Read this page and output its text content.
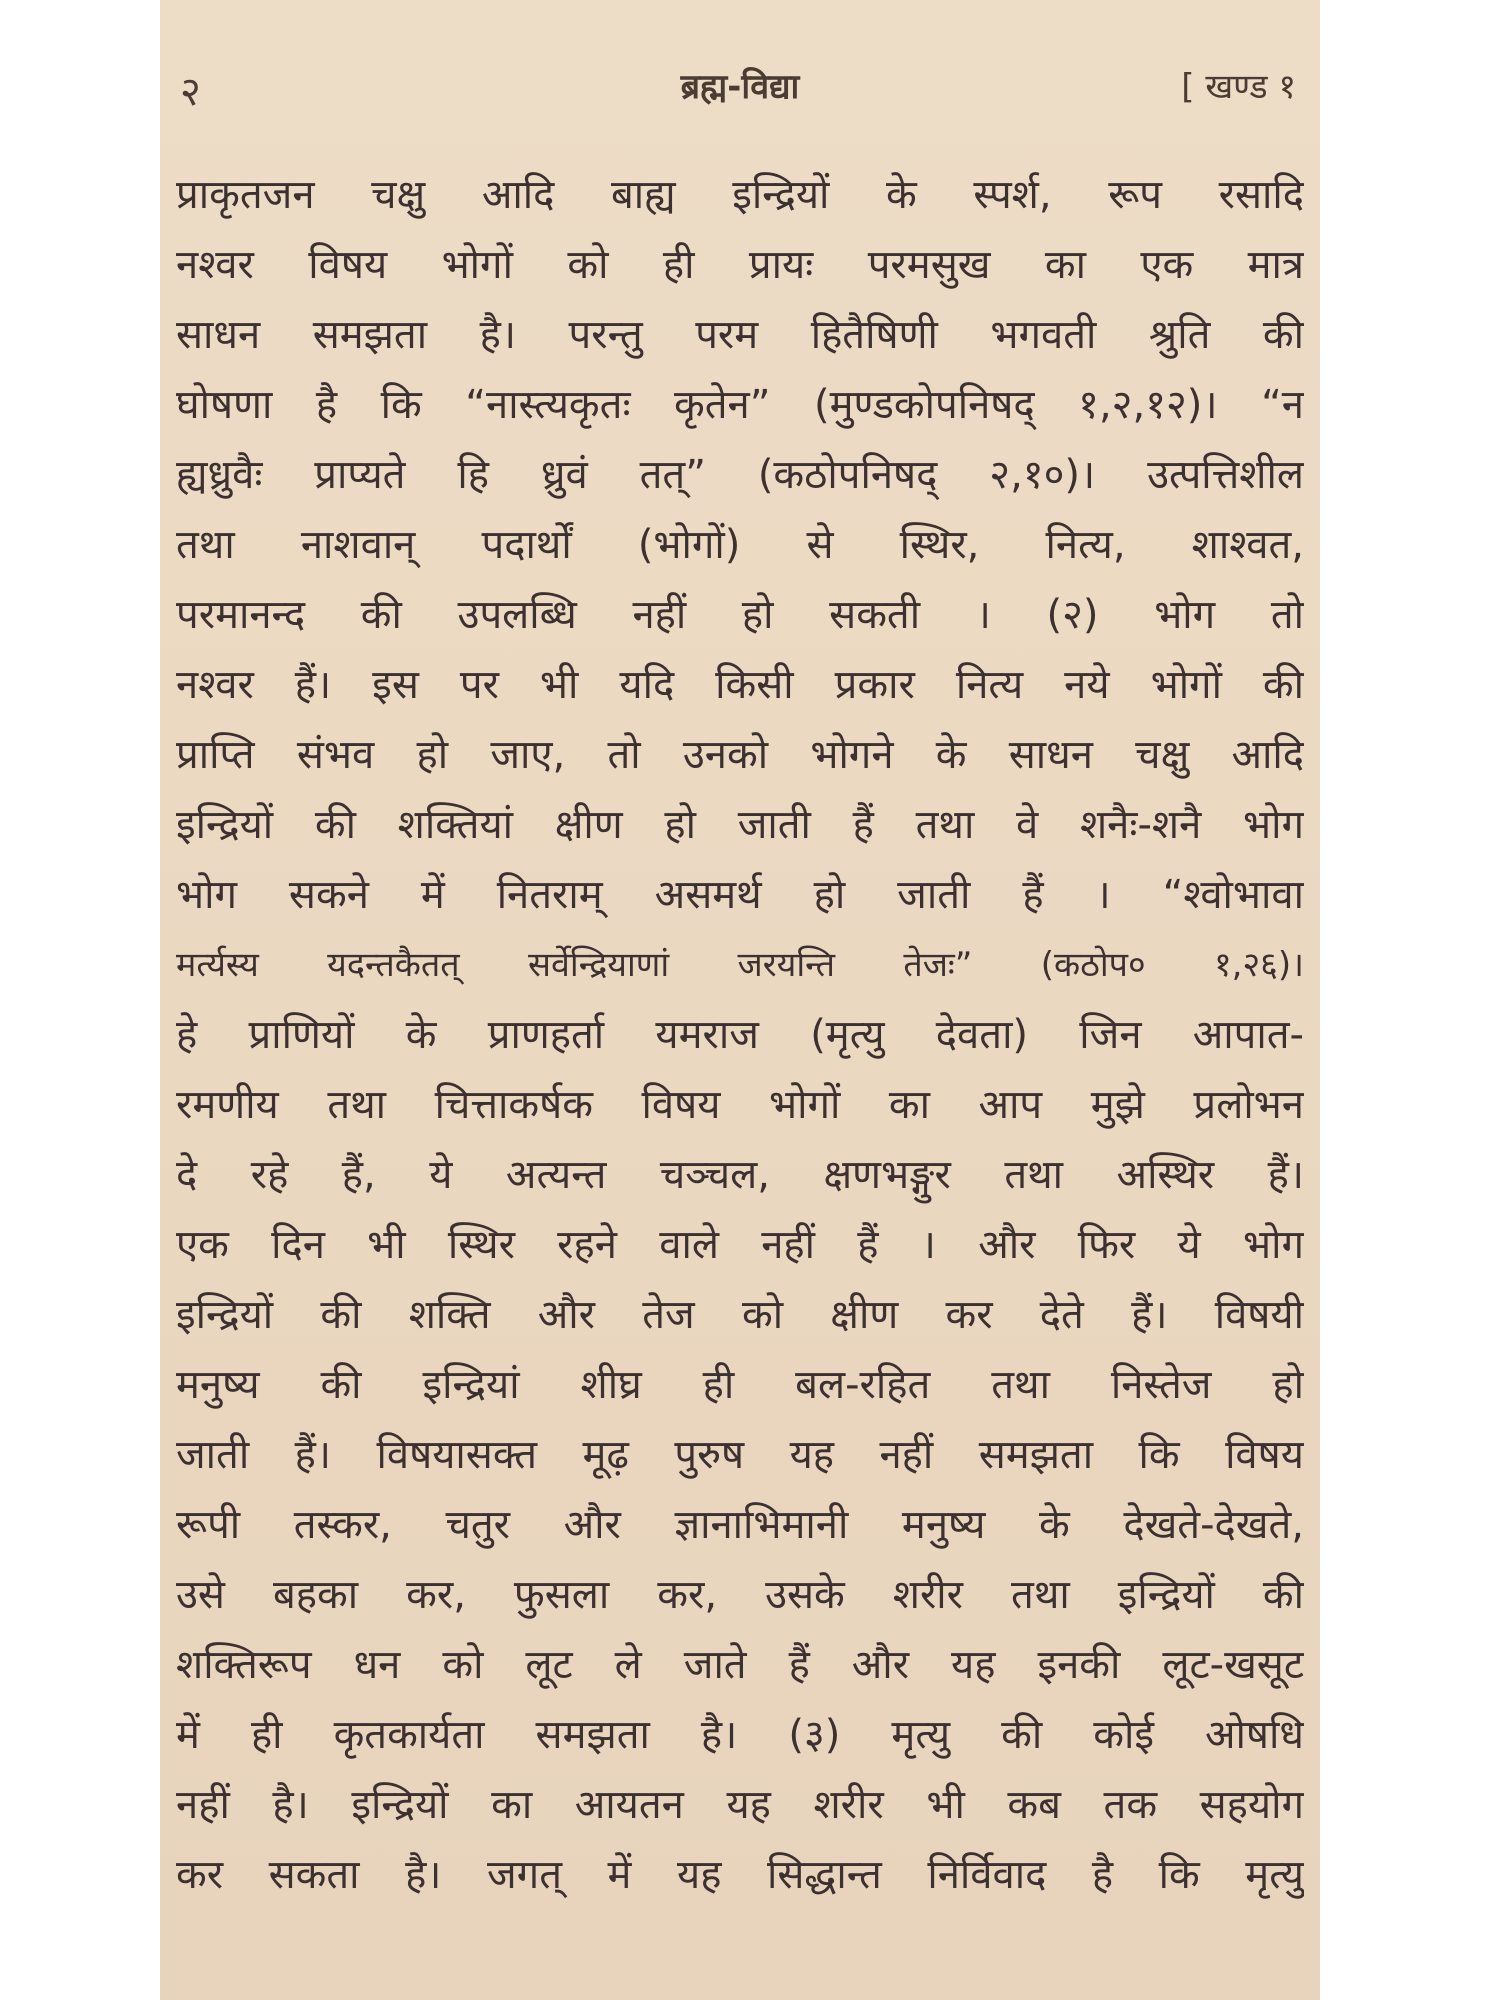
२	ब्रह्म-विद्या	[ खण्ड १
प्राकृतजन चक्षु आदि बाह्य इन्द्रियों के स्पर्श, रूप रसादि
नश्वर विषय भोगों को ही प्रायः परमसुख का एक मात्र
साधन समझता है। परन्तु परम हितैषिणी भगवती श्रुति की
घोषणा है कि “नास्त्यकृतः कृतेन” (मुण्डकोपनिषद् १,२,१२)। “न
ह्यध्रुवैः प्राप्यते हि ध्रुवं तत्” (कठोपनिषद् २,१०)। उत्पत्तिशील
तथा नाशवान् पदार्थों (भोगों) से स्थिर, नित्य, शाश्वत,
परमानन्द की उपलब्धि नहीं हो सकती । (२) भोग तो
नश्वर हैं। इस पर भी यदि किसी प्रकार नित्य नये भोगों की
प्राप्ति संभव हो जाए, तो उनको भोगने के साधन चक्षु आदि
इन्द्रियों की शक्तियां क्षीण हो जाती हैं तथा वे शनैः-शनै भोग
भोग सकने में नितराम् असमर्थ हो जाती हैं । “श्वोभावा
मर्त्यस्य यदन्तकैतत् सर्वेन्द्रियाणां जरयन्ति तेजः” (कठोप० १,२६)।
हे प्राणियों के प्राणहर्ता यमराज (मृत्यु देवता) जिन आपात-
रमणीय तथा चित्ताकर्षक विषय भोगों का आप मुझे प्रलोभन
दे रहे हैं, ये अत्यन्त चञ्चल, क्षणभङ्गुर तथा अस्थिर हैं।
एक दिन भी स्थिर रहने वाले नहीं हैं । और फिर ये भोग
इन्द्रियों की शक्ति और तेज को क्षीण कर देते हैं। विषयी
मनुष्य की इन्द्रियां शीघ्र ही बल-रहित तथा निस्तेज हो
जाती हैं। विषयासक्त मूढ़ पुरुष यह नहीं समझता कि विषय
रूपी तस्कर, चतुर और ज्ञानाभिमानी मनुष्य के देखते-देखते,
उसे बहका कर, फुसला कर, उसके शरीर तथा इन्द्रियों की
शक्तिरूप धन को लूट ले जाते हैं और यह इनकी लूट-खसूट
में ही कृतकार्यता समझता है। (३) मृत्यु की कोई ओषधि
नहीं है। इन्द्रियों का आयतन यह शरीर भी कब तक सहयोग
कर सकता है। जगत् में यह सिद्धान्त निर्विवाद है कि मृत्यु
